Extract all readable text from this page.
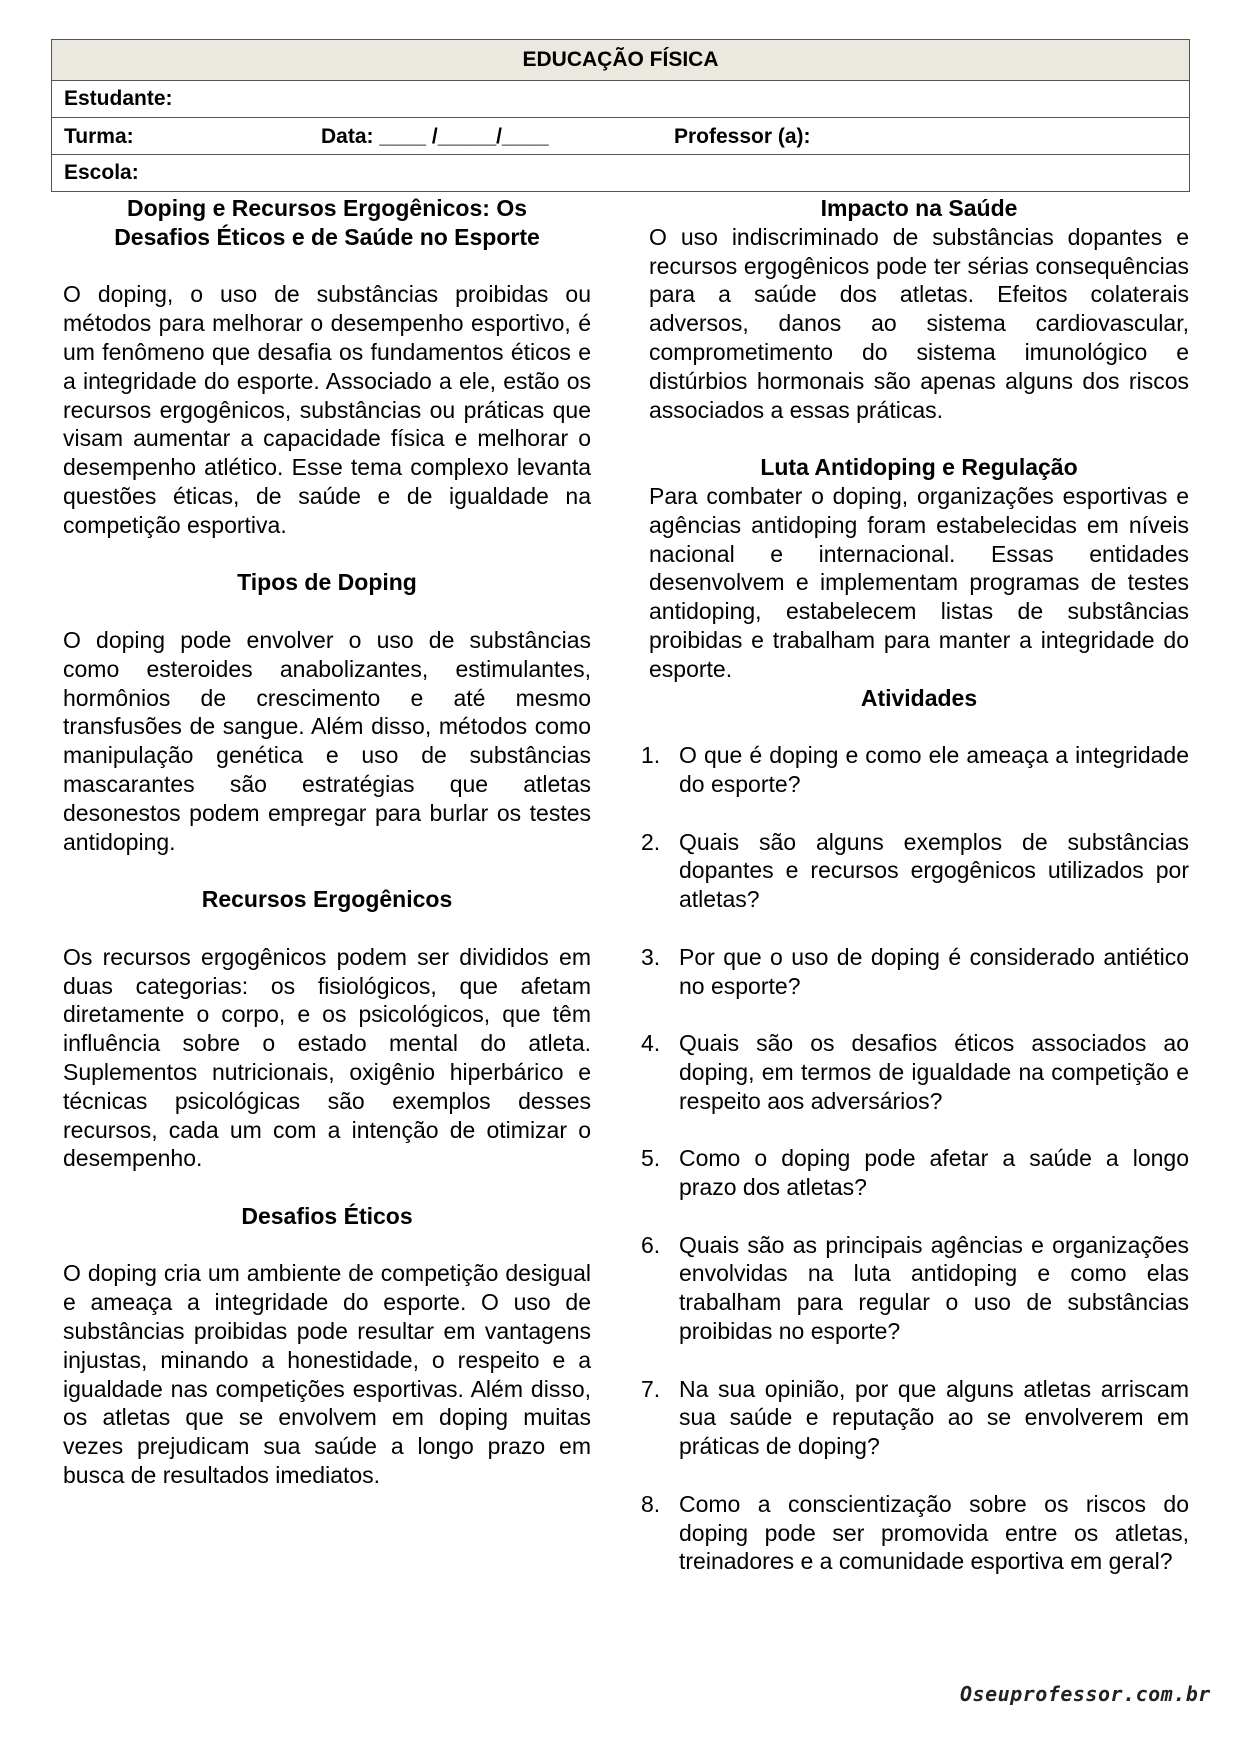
EDUCAÇÃO FÍSICA
Estudante:
Turma:	Data: ____ /_____/____	Professor (a):
Escola:
Doping e Recursos Ergogênicos: Os
Desafios Éticos e de Saúde no Esporte

O doping, o uso de substâncias proibidas ou métodos para melhorar o desempenho esportivo, é um fenômeno que desafia os fundamentos éticos e a integridade do esporte. Associado a ele, estão os recursos ergogênicos, substâncias ou práticas que visam aumentar a capacidade física e melhorar o desempenho atlético. Esse tema complexo levanta questões éticas, de saúde e de igualdade na competição esportiva.

Tipos de Doping

O doping pode envolver o uso de substâncias como esteroides anabolizantes, estimulantes, hormônios de crescimento e até mesmo transfusões de sangue. Além disso, métodos como manipulação genética e uso de substâncias mascarantes são estratégias que atletas desonestos podem empregar para burlar os testes antidoping.

Recursos Ergogênicos

Os recursos ergogênicos podem ser divididos em duas categorias: os fisiológicos, que afetam diretamente o corpo, e os psicológicos, que têm influência sobre o estado mental do atleta. Suplementos nutricionais, oxigênio hiperbárico e técnicas psicológicas são exemplos desses recursos, cada um com a intenção de otimizar o desempenho.

Desafios Éticos

O doping cria um ambiente de competição desigual e ameaça a integridade do esporte. O uso de substâncias proibidas pode resultar em vantagens injustas, minando a honestidade, o respeito e a igualdade nas competições esportivas. Além disso, os atletas que se envolvem em doping muitas vezes prejudicam sua saúde a longo prazo em busca de resultados imediatos.

Impacto na Saúde

O uso indiscriminado de substâncias dopantes e recursos ergogênicos pode ter sérias consequências para a saúde dos atletas. Efeitos colaterais adversos, danos ao sistema cardiovascular, comprometimento do sistema imunológico e distúrbios hormonais são apenas alguns dos riscos associados a essas práticas.

Luta Antidoping e Regulação

Para combater o doping, organizações esportivas e agências antidoping foram estabelecidas em níveis nacional e internacional. Essas entidades desenvolvem e implementam programas de testes antidoping, estabelecem listas de substâncias proibidas e trabalham para manter a integridade do esporte.

Atividades
1. O que é doping e como ele ameaça a integridade do esporte?
2. Quais são alguns exemplos de substâncias dopantes e recursos ergogênicos utilizados por atletas?
3. Por que o uso de doping é considerado antiético no esporte?
4. Quais são os desafios éticos associados ao doping, em termos de igualdade na competição e respeito aos adversários?
5. Como o doping pode afetar a saúde a longo prazo dos atletas?
6. Quais são as principais agências e organizações envolvidas na luta antidoping e como elas trabalham para regular o uso de substâncias proibidas no esporte?
7. Na sua opinião, por que alguns atletas arriscam sua saúde e reputação ao se envolverem em práticas de doping?
8. Como a conscientização sobre os riscos do doping pode ser promovida entre os atletas, treinadores e a comunidade esportiva em geral?
Oseuprofessor.com.br
